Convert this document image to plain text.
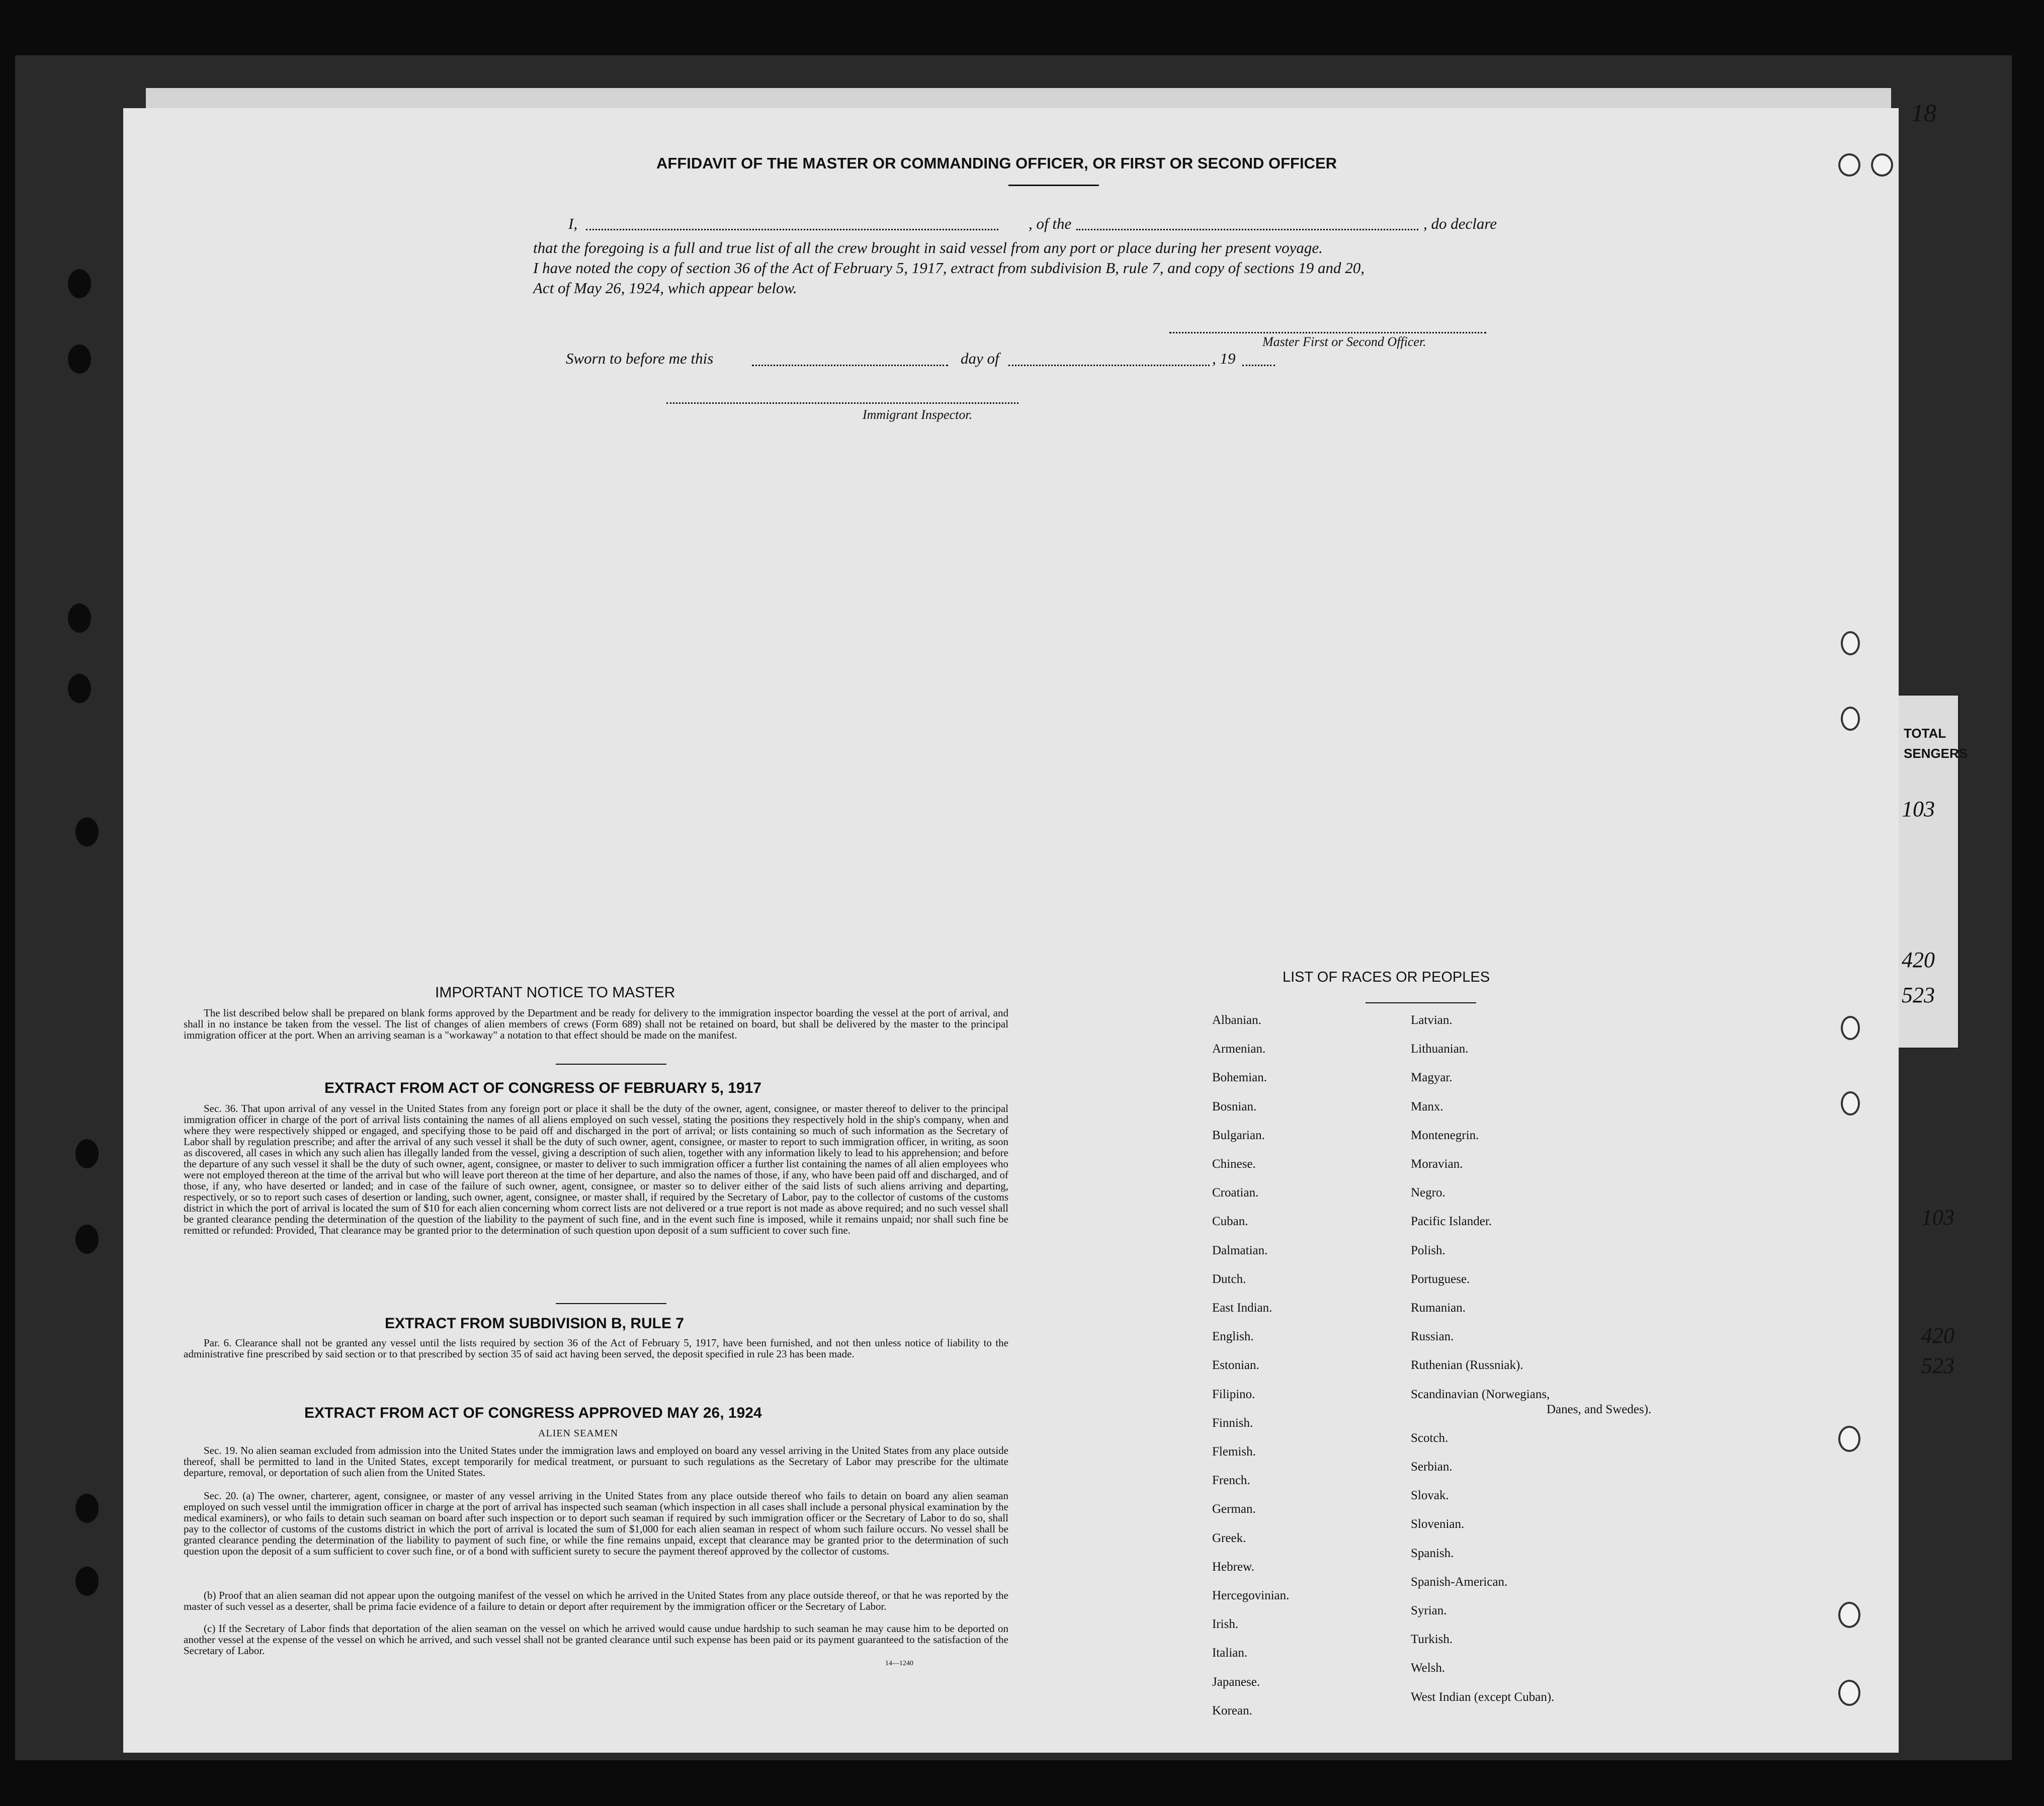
TOTAL
SENGERS
103
420
523
103
420
523
18
AFFIDAVIT OF THE MASTER OR COMMANDING OFFICER, OR FIRST OR SECOND OFFICER
I,	, of the	, do declare
that the foregoing is a full and true list of all the crew brought in said vessel from any port or place during her present voyage.
I have noted the copy of section 36 of the Act of February 5, 1917, extract from subdivision B, rule 7, and copy of sections 19 and 20,
Act of May 26, 1924, which appear below.
Master First or Second Officer.
Sworn to before me this	day of	, 19
Immigrant Inspector.
IMPORTANT NOTICE TO MASTER
The list described below shall be prepared on blank forms approved by the Department and be ready for delivery to the immigration inspector boarding the vessel at the port of arrival, and shall in no instance be taken from the vessel. The list of changes of alien members of crews (Form 689) shall not be retained on board, but shall be delivered by the master to the principal immigration officer at the port. When an arriving seaman is a "workaway" a notation to that effect should be made on the manifest.
EXTRACT FROM ACT OF CONGRESS OF FEBRUARY 5, 1917
Sec. 36. That upon arrival of any vessel in the United States from any foreign port or place it shall be the duty of the owner, agent, consignee, or master thereof to deliver to the principal immigration officer in charge of the port of arrival lists containing the names of all aliens employed on such vessel, stating the positions they respectively hold in the ship's company, when and where they were respectively shipped or engaged, and specifying those to be paid off and discharged in the port of arrival; or lists containing so much of such information as the Secretary of Labor shall by regulation prescribe; and after the arrival of any such vessel it shall be the duty of such owner, agent, consignee, or master to report to such immigration officer, in writing, as soon as discovered, all cases in which any such alien has illegally landed from the vessel, giving a description of such alien, together with any information likely to lead to his apprehension; and before the departure of any such vessel it shall be the duty of such owner, agent, consignee, or master to deliver to such immigration officer a further list containing the names of all alien employees who were not employed thereon at the time of the arrival but who will leave port thereon at the time of her departure, and also the names of those, if any, who have been paid off and discharged, and of those, if any, who have deserted or landed; and in case of the failure of such owner, agent, consignee, or master so to deliver either of the said lists of such aliens arriving and departing, respectively, or so to report such cases of desertion or landing, such owner, agent, consignee, or master shall, if required by the Secretary of Labor, pay to the collector of customs of the customs district in which the port of arrival is located the sum of $10 for each alien concerning whom correct lists are not delivered or a true report is not made as above required; and no such vessel shall be granted clearance pending the determination of the question of the liability to the payment of such fine, and in the event such fine is imposed, while it remains unpaid; nor shall such fine be remitted or refunded: Provided, That clearance may be granted prior to the determination of such question upon deposit of a sum sufficient to cover such fine.
EXTRACT FROM SUBDIVISION B, RULE 7
Par. 6. Clearance shall not be granted any vessel until the lists required by section 36 of the Act of February 5, 1917, have been furnished, and not then unless notice of liability to the administrative fine prescribed by said section or to that prescribed by section 35 of said act having been served, the deposit specified in rule 23 has been made.
EXTRACT FROM ACT OF CONGRESS APPROVED MAY 26, 1924
ALIEN SEAMEN
Sec. 19. No alien seaman excluded from admission into the United States under the immigration laws and employed on board any vessel arriving in the United States from any place outside thereof, shall be permitted to land in the United States, except temporarily for medical treatment, or pursuant to such regulations as the Secretary of Labor may prescribe for the ultimate departure, removal, or deportation of such alien from the United States.
Sec. 20. (a) The owner, charterer, agent, consignee, or master of any vessel arriving in the United States from any place outside thereof who fails to detain on board any alien seaman employed on such vessel until the immigration officer in charge at the port of arrival has inspected such seaman (which inspection in all cases shall include a personal physical examination by the medical examiners), or who fails to detain such seaman on board after such inspection or to deport such seaman if required by such immigration officer or the Secretary of Labor to do so, shall pay to the collector of customs of the customs district in which the port of arrival is located the sum of $1,000 for each alien seaman in respect of whom such failure occurs. No vessel shall be granted clearance pending the determination of the liability to payment of such fine, or while the fine remains unpaid, except that clearance may be granted prior to the determination of such question upon the deposit of a sum sufficient to cover such fine, or of a bond with sufficient surety to secure the payment thereof approved by the collector of customs.
(b) Proof that an alien seaman did not appear upon the outgoing manifest of the vessel on which he arrived in the United States from any place outside thereof, or that he was reported by the master of such vessel as a deserter, shall be prima facie evidence of a failure to detain or deport after requirement by the immigration officer or the Secretary of Labor.
(c) If the Secretary of Labor finds that deportation of the alien seaman on the vessel on which he arrived would cause undue hardship to such seaman he may cause him to be deported on another vessel at the expense of the vessel on which he arrived, and such vessel shall not be granted clearance until such expense has been paid or its payment guaranteed to the satisfaction of the Secretary of Labor.
14—1240
LIST OF RACES OR PEOPLES
Albanian.
Armenian.
Bohemian.
Bosnian.
Bulgarian.
Chinese.
Croatian.
Cuban.
Dalmatian.
Dutch.
East Indian.
English.
Estonian.
Filipino.
Finnish.
Flemish.
French.
German.
Greek.
Hebrew.
Hercegovinian.
Irish.
Italian.
Japanese.
Korean.
Latvian.
Lithuanian.
Magyar.
Manx.
Montenegrin.
Moravian.
Negro.
Pacific Islander.
Polish.
Portuguese.
Rumanian.
Russian.
Ruthenian (Russniak).
Scandinavian (Norwegians,
Danes, and Swedes).
Scotch.
Serbian.
Slovak.
Slovenian.
Spanish.
Spanish-American.
Syrian.
Turkish.
Welsh.
West Indian (except Cuban).
